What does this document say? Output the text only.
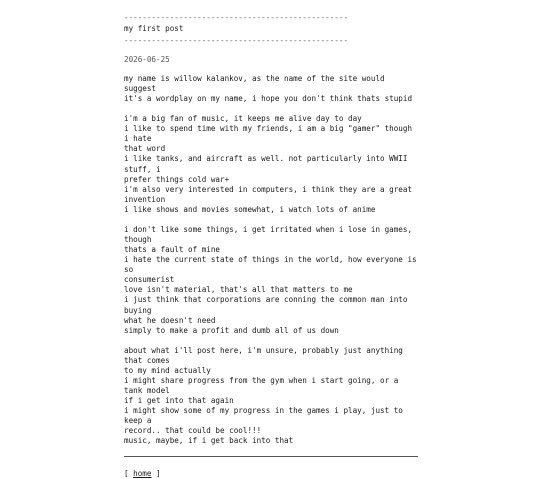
-------------------------------------------------
my first post
-------------------------------------------------
2026-06-25
my name is willow kalankov, as the name of the site would suggest
it's a wordplay on my name, i hope you don't think thats stupid
i'm a big fan of music, it keeps me alive day to day
i like to spend time with my friends, i am a big "gamer" though i hate
that word
i like tanks, and aircraft as well. not particularly into WWII stuff, i
prefer things cold war+
i'm also very interested in computers, i think they are a great
invention
i like shows and movies somewhat, i watch lots of anime
i don't like some things, i get irritated when i lose in games, though
thats a fault of mine
i hate the current state of things in the world, how everyone is so
consumerist
love isn't material, that's all that matters to me
i just think that corporations are conning the common man into buying
what he doesn't need
simply to make a profit and dumb all of us down
about what i'll post here, i'm unsure, probably just anything that comes
to my mind actually
i might share progress from the gym when i start going, or a tank model
if i get into that again
i might show some of my progress in the games i play, just to keep a
record.. that could be cool!!!
music, maybe, if i get back into that
[ home ]
